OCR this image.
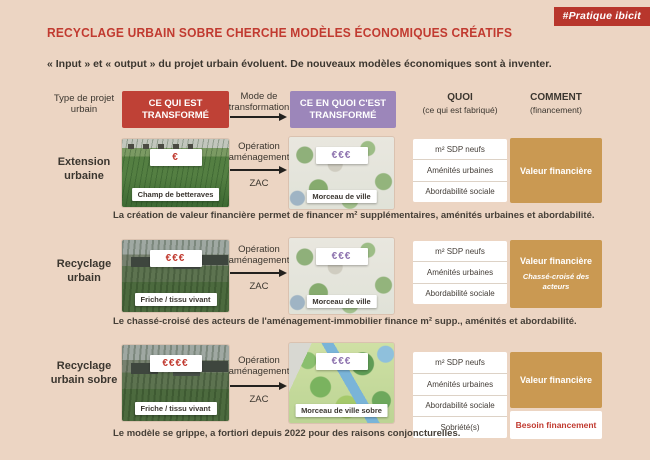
#Pratique ibicit
RECYCLAGE URBAIN SOBRE CHERCHE MODÈLES ÉCONOMIQUES CRÉATIFS
« Input » et « output » du projet urbain évoluent. De nouveaux modèles économiques sont à inventer.
Type de projet urbain
CE QUI EST TRANSFORMÉ
Mode de transformation	CE EN QUOI C'EST TRANSFORMÉ
QUOI
(ce qui est fabriqué)
COMMENT
(financement)
Extension urbaine
€
Champ de betteraves
Opération aménagement
ZAC
€€€
Morceau de ville
m² SDP neufs
Aménités urbaines
Abordabilité sociale
Valeur financière
La création de valeur financière permet de financer m² supplémentaires, aménités urbaines et abordabilité.
Recyclage urbain
€€€
Friche / tissu vivant
Opération aménagement
ZAC
€€€
Morceau de ville
m² SDP neufs
Aménités urbaines
Abordabilité sociale
Valeur financière
Chassé-croisé des acteurs
Le chassé-croisé des acteurs de l'aménagement-immobilier finance m² supp., aménités et abordabilité.
Recyclage urbain sobre
€€€€
Friche / tissu vivant
Opération aménagement
ZAC
€€€
Morceau de ville sobre
m² SDP neufs
Aménités urbaines
Abordabilité sociale
Sobriété(s)
Valeur financière
Besoin financement
Le modèle se grippe, a fortiori depuis 2022 pour des raisons conjoncturelles.
